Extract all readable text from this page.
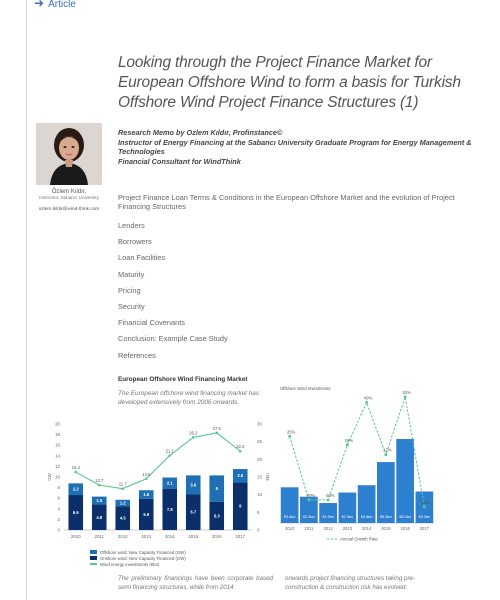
➜ Article
Looking through the Project Finance Market for European Offshore Wind to form a basis for Turkish Offshore Wind Project Finance Structures (1)
Özlem Kıldır,
Instructor, Sabancı University
ozlem.kildir@wind-think.com
Research Memo by Ozlem Kıldır, Profinstance©
Instructor of Energy Financing at the Sabancı University Graduate Program for Energy Management & Technologies
Financial Consultant for WindThink
Project Finance Loan Terms & Conditions in the European Offshore Market and the evolution of Project Financing Structures
Lenders
Borrowers
Loan Facilities
Maturity
Pricing
Security
Financial Covenants
Conclusion: Example Case Study
References
European Offshore Wind Financing Market
The European offshore wind financing market has developed extensively from 2006 onwards.
0
2
4
6
8
10
12
14
16
18
20
0
5
10
15
20
25
30
GW	€bn
6.6
2.2
2010
4.8
1.5
2011
4.5
1.2
2012
5.9
1.6
2013
7.8
2.1
2014
6.7
3.6
2015
5.3
5
2016
9
2.5
2017
16.4
12.7
11.7
14.5
21.1
26.2
27.5
22.3
Offshore wind: New Capacity Financed (GW)
Onshore wind: New Capacity Financed (GW)
Wind energy investments (€bn)
Offshore Wind Investments
€3.4bn
2010
€2.5bn
2011
€1.9bn
2012
€2.9bn
2013
€3.6bn
2014
€5.8bn
2015
€8.0bn
2016
€3.0bn
2017
25%
-20% -20%
19%
49%
12%
53%
-25%
Annual Growth Rate
The preliminary financings have been corporate based semi financing structures, while from 2014
onwards project financing structures taking pre-construction & construction risk has evolved.
